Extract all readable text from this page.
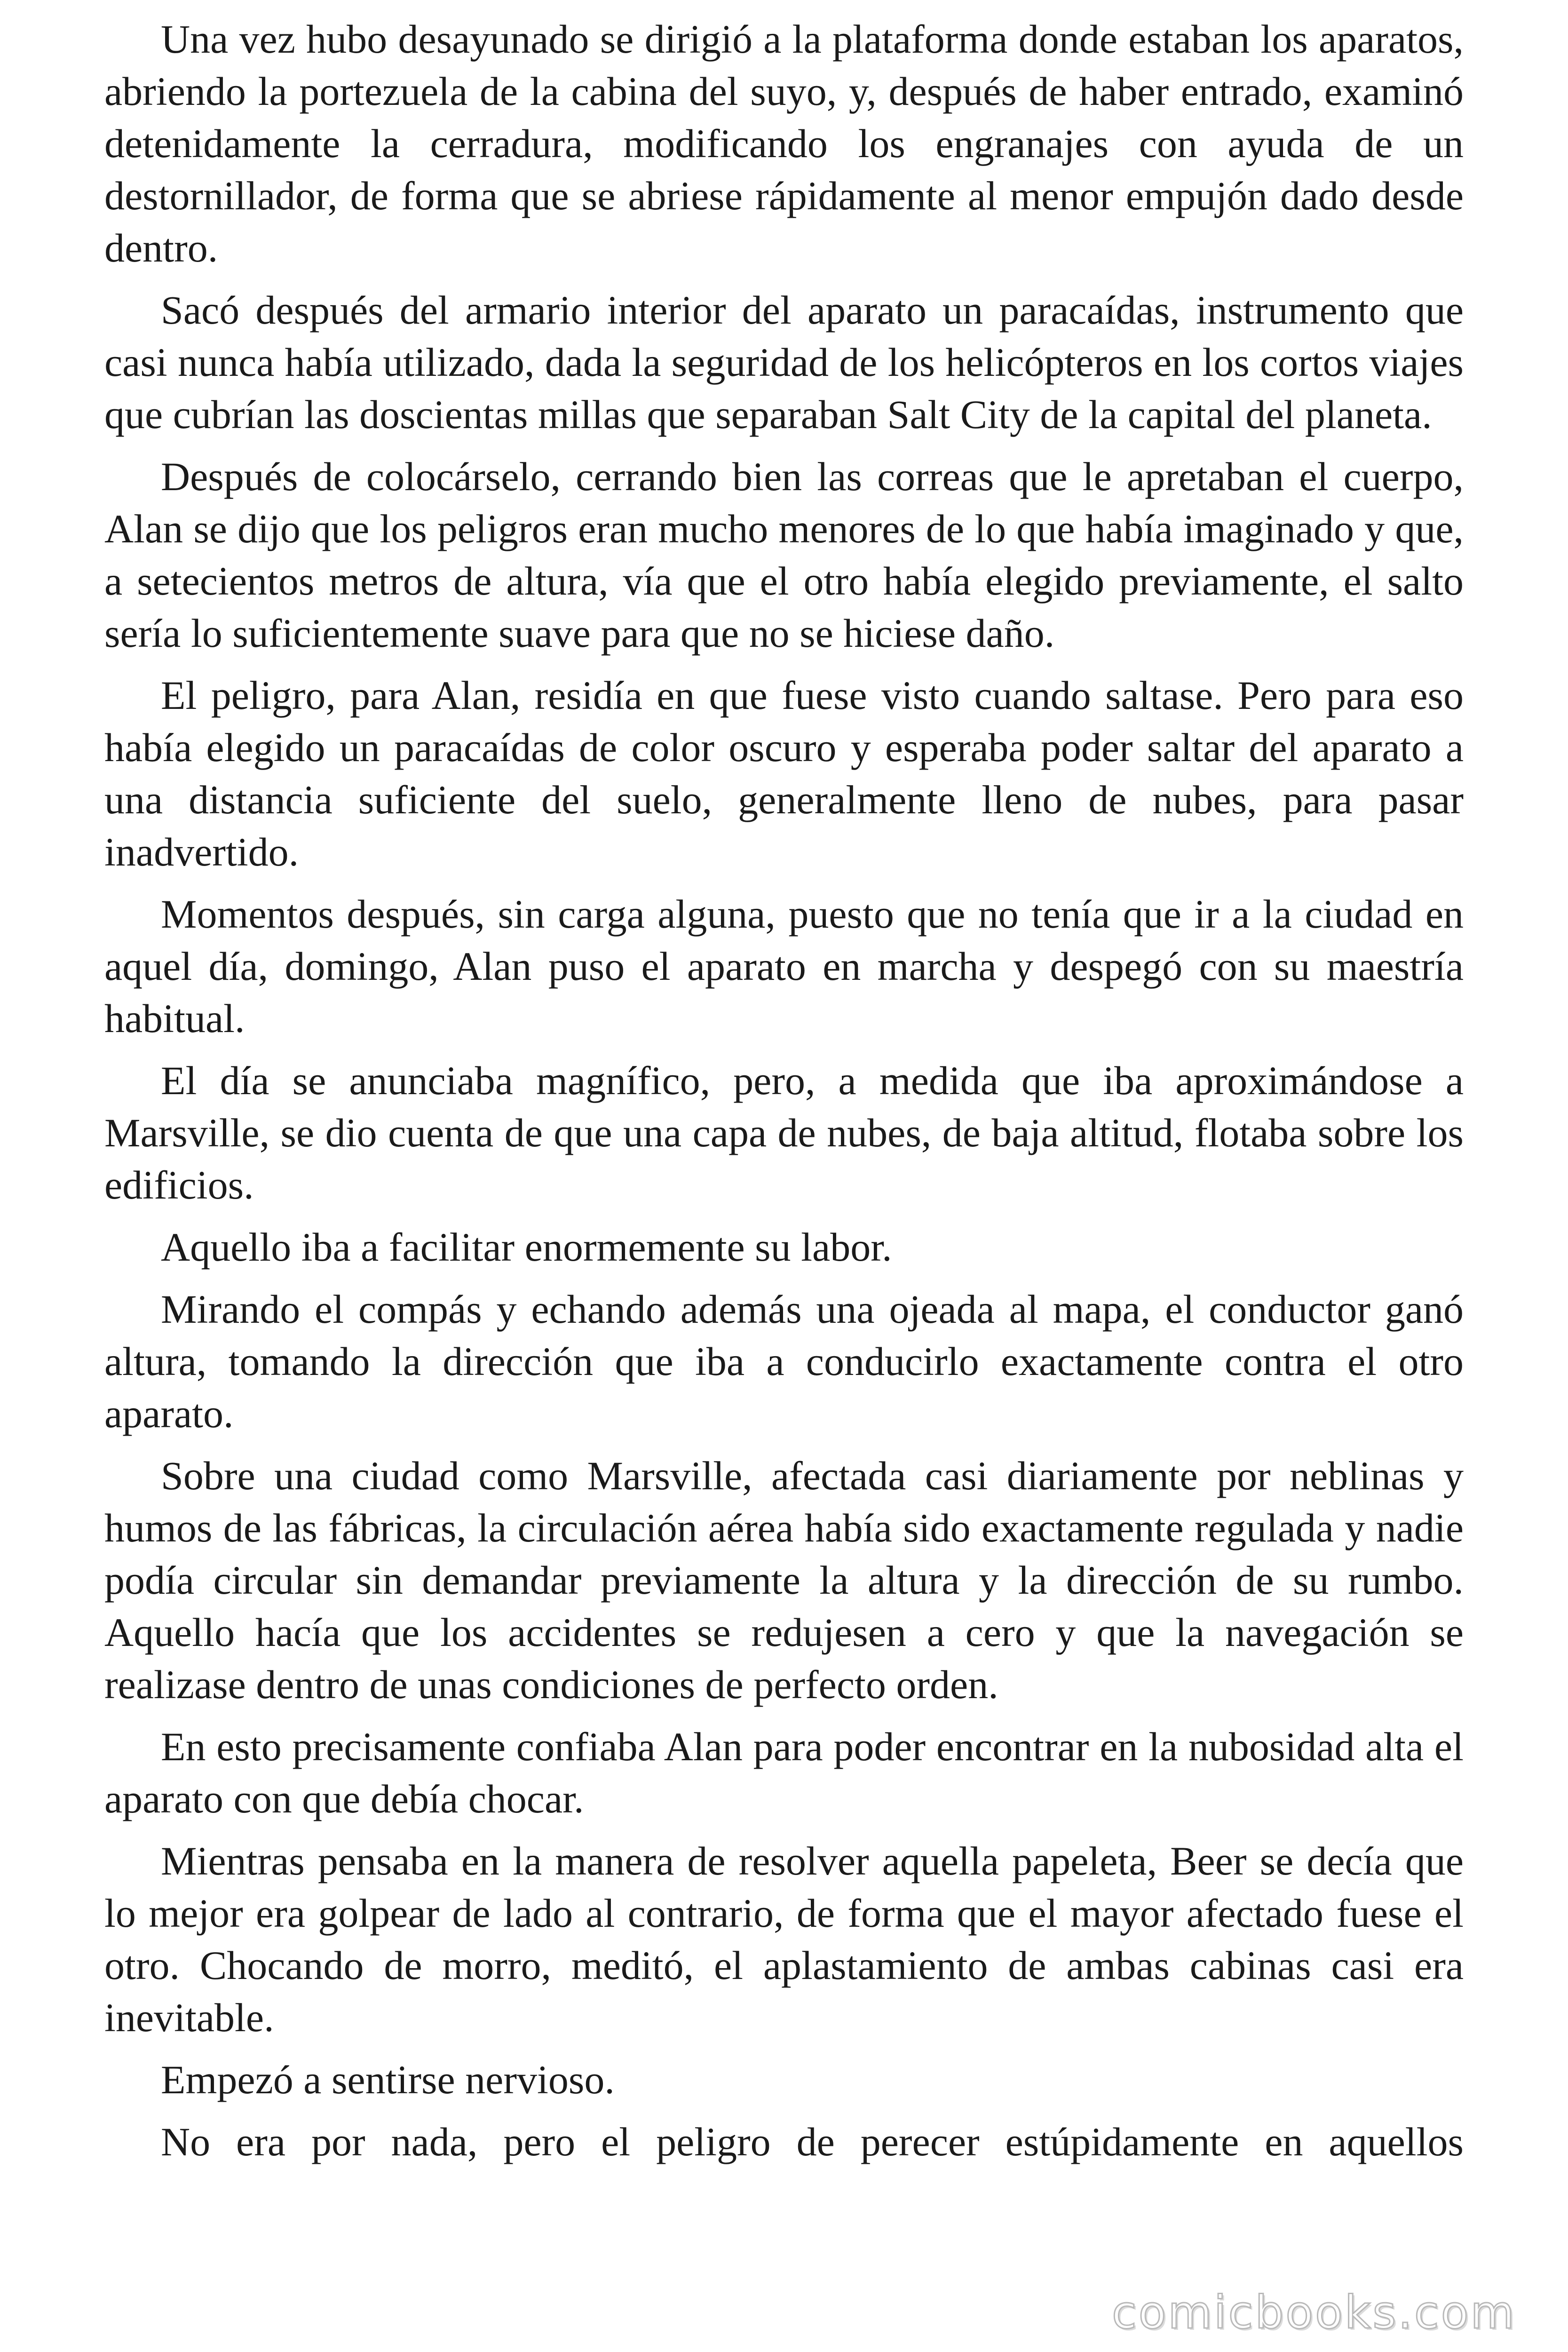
Una vez hubo desayunado se dirigió a la plataforma donde estaban los aparatos, abriendo la portezuela de la cabina del suyo, y, después de haber entrado, examinó detenidamente la cerradura, modificando los engranajes con ayuda de un destornillador, de forma que se abriese rápidamente al menor empujón dado desde dentro.

Sacó después del armario interior del aparato un paracaídas, instrumento que casi nunca había utilizado, dada la seguridad de los helicópteros en los cortos viajes que cubrían las doscientas millas que separaban Salt City de la capital del planeta.

Después de colocárselo, cerrando bien las correas que le apretaban el cuerpo, Alan se dijo que los peligros eran mucho menores de lo que había imaginado y que, a setecientos metros de altura, vía que el otro había elegido previamente, el salto sería lo suficientemente suave para que no se hiciese daño.

El peligro, para Alan, residía en que fuese visto cuando saltase. Pero para eso había elegido un paracaídas de color oscuro y esperaba poder saltar del aparato a una distancia suficiente del suelo, generalmente lleno de nubes, para pasar inadvertido.

Momentos después, sin carga alguna, puesto que no tenía que ir a la ciudad en aquel día, domingo, Alan puso el aparato en marcha y despegó con su maestría habitual.

El día se anunciaba magnífico, pero, a medida que iba aproximándose a Marsville, se dio cuenta de que una capa de nubes, de baja altitud, flotaba sobre los edificios.

Aquello iba a facilitar enormemente su labor.

Mirando el compás y echando además una ojeada al mapa, el conductor ganó altura, tomando la dirección que iba a conducirlo exactamente contra el otro aparato.

Sobre una ciudad como Marsville, afectada casi diariamente por neblinas y humos de las fábricas, la circulación aérea había sido exactamente regulada y nadie podía circular sin demandar previamente la altura y la dirección de su rumbo. Aquello hacía que los accidentes se redujesen a cero y que la navegación se realizase dentro de unas condiciones de perfecto orden.

En esto precisamente confiaba Alan para poder encontrar en la nubosidad alta el aparato con que debía chocar.

Mientras pensaba en la manera de resolver aquella papeleta, Beer se decía que lo mejor era golpear de lado al contrario, de forma que el mayor afectado fuese el otro. Chocando de morro, meditó, el aplastamiento de ambas cabinas casi era inevitable.

Empezó a sentirse nervioso.

No era por nada, pero el peligro de perecer estúpidamente en aquellos

comicbooks.com
